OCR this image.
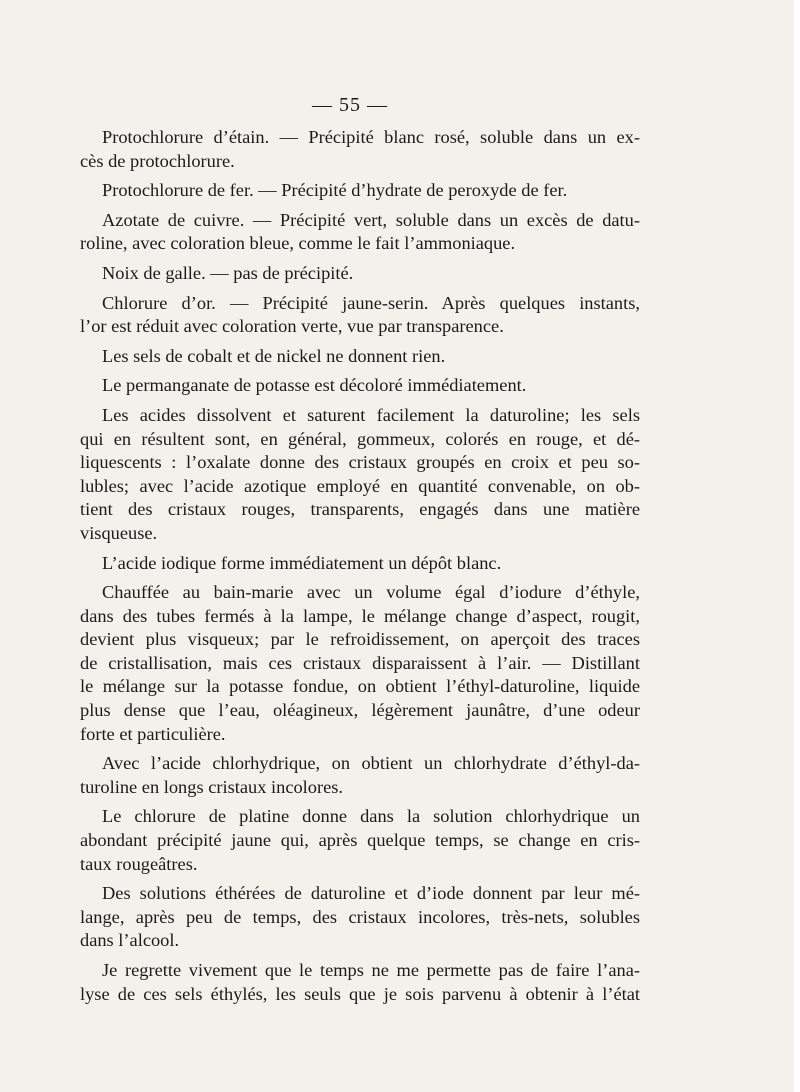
— 55 —

Protochlorure d’étain. — Précipité blanc rosé, soluble dans un ex-
cès de protochlorure.

Protochlorure de fer. — Précipité d’hydrate de peroxyde de fer.

Azotate de cuivre. — Précipité vert, soluble dans un excès de datu-
roline, avec coloration bleue, comme le fait l’ammoniaque.

Noix de galle. — pas de précipité.

Chlorure d’or. — Précipité jaune-serin. Après quelques instants,
l’or est réduit avec coloration verte, vue par transparence.

Les sels de cobalt et de nickel ne donnent rien.

Le permanganate de potasse est décoloré immédiatement.

Les acides dissolvent et saturent facilement la daturoline; les sels
qui en résultent sont, en général, gommeux, colorés en rouge, et dé-
liquescents : l’oxalate donne des cristaux groupés en croix et peu so-
lubles; avec l’acide azotique employé en quantité convenable, on ob-
tient des cristaux rouges, transparents, engagés dans une matière
visqueuse.

L’acide iodique forme immédiatement un dépôt blanc.

Chauffée au bain-marie avec un volume égal d’iodure d’éthyle,
dans des tubes fermés à la lampe, le mélange change d’aspect, rougit,
devient plus visqueux; par le refroidissement, on aperçoit des traces
de cristallisation, mais ces cristaux disparaissent à l’air. — Distillant
le mélange sur la potasse fondue, on obtient l’éthyl-daturoline, liquide
plus dense que l’eau, oléagineux, légèrement jaunâtre, d’une odeur
forte et particulière.

Avec l’acide chlorhydrique, on obtient un chlorhydrate d’éthyl-da-
turoline en longs cristaux incolores.

Le chlorure de platine donne dans la solution chlorhydrique un
abondant précipité jaune qui, après quelque temps, se change en cris-
taux rougeâtres.

Des solutions éthérées de daturoline et d’iode donnent par leur mé-
lange, après peu de temps, des cristaux incolores, très-nets, solubles
dans l’alcool.

Je regrette vivement que le temps ne me permette pas de faire l’ana-
lyse de ces sels éthylés, les seuls que je sois parvenu à obtenir à l’état
